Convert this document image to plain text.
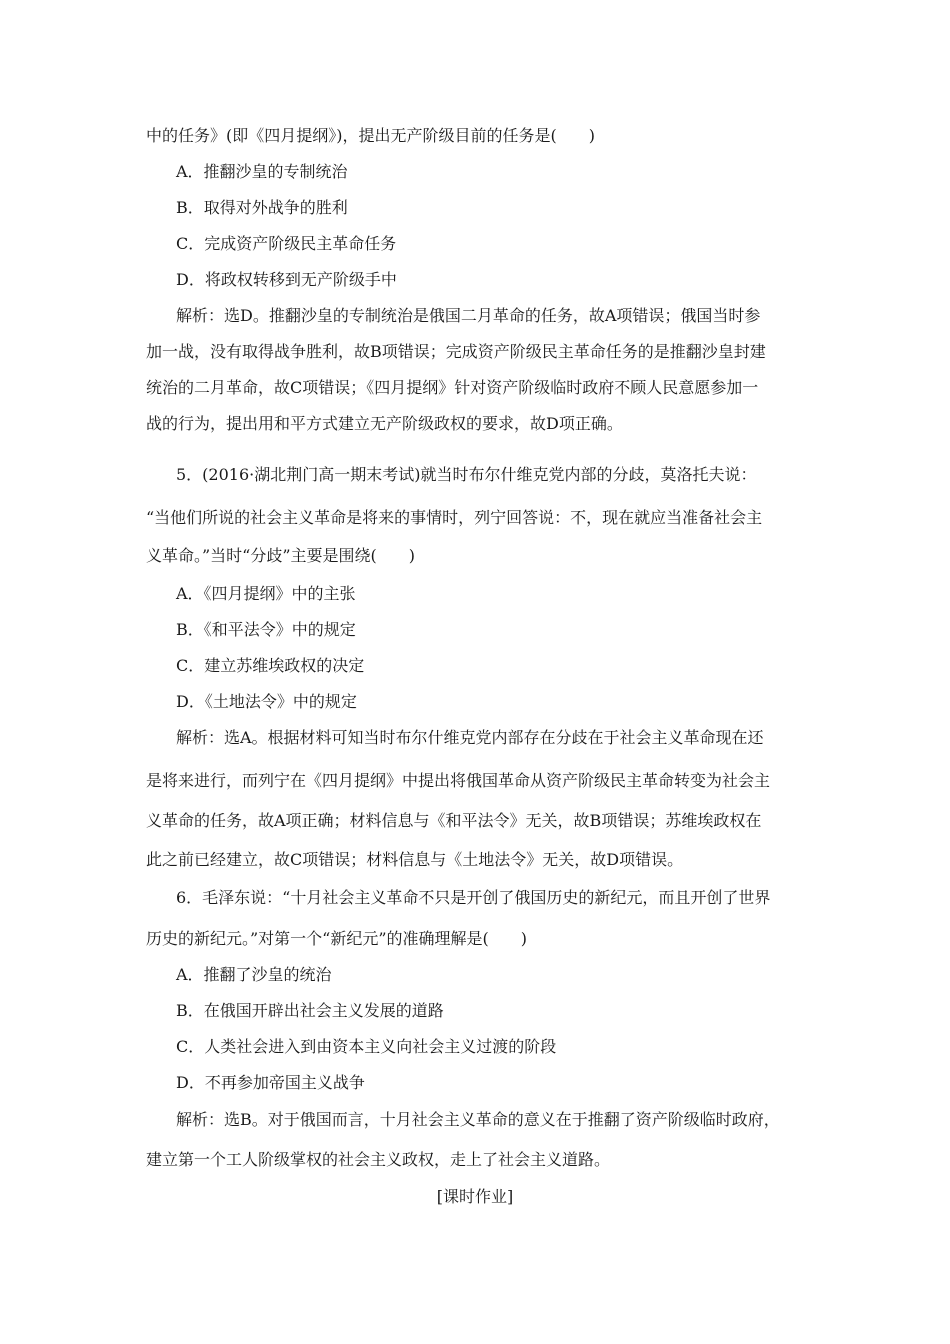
中的任务》(即《四月提纲》)，提出无产阶级目前的任务是(　　)
A．推翻沙皇的专制统治
B．取得对外战争的胜利
C．完成资产阶级民主革命任务
D．将政权转移到无产阶级手中
解析：选D。推翻沙皇的专制统治是俄国二月革命的任务，故A项错误；俄国当时参
加一战，没有取得战争胜利，故B项错误；完成资产阶级民主革命任务的是推翻沙皇封建
统治的二月革命，故C项错误；《四月提纲》针对资产阶级临时政府不顾人民意愿参加一
战的行为，提出用和平方式建立无产阶级政权的要求，故D项正确。
5．(2016·湖北荆门高一期末考试)就当时布尔什维克党内部的分歧，莫洛托夫说：
“当他们所说的社会主义革命是将来的事情时，列宁回答说：不，现在就应当准备社会主
义革命。”当时“分歧”主要是围绕(　　)
A．《四月提纲》中的主张
B．《和平法令》中的规定
C．建立苏维埃政权的决定
D．《土地法令》中的规定
解析：选A。根据材料可知当时布尔什维克党内部存在分歧在于社会主义革命现在还
是将来进行，而列宁在《四月提纲》中提出将俄国革命从资产阶级民主革命转变为社会主
义革命的任务，故A项正确；材料信息与《和平法令》无关，故B项错误；苏维埃政权在
此之前已经建立，故C项错误；材料信息与《土地法令》无关，故D项错误。
6．毛泽东说：“十月社会主义革命不只是开创了俄国历史的新纪元，而且开创了世界
历史的新纪元。”对第一个“新纪元”的准确理解是(　　)
A．推翻了沙皇的统治
B．在俄国开辟出社会主义发展的道路
C．人类社会进入到由资本主义向社会主义过渡的阶段
D．不再参加帝国主义战争
解析：选B。对于俄国而言，十月社会主义革命的意义在于推翻了资产阶级临时政府，
建立第一个工人阶级掌权的社会主义政权，走上了社会主义道路。
[课时作业]
